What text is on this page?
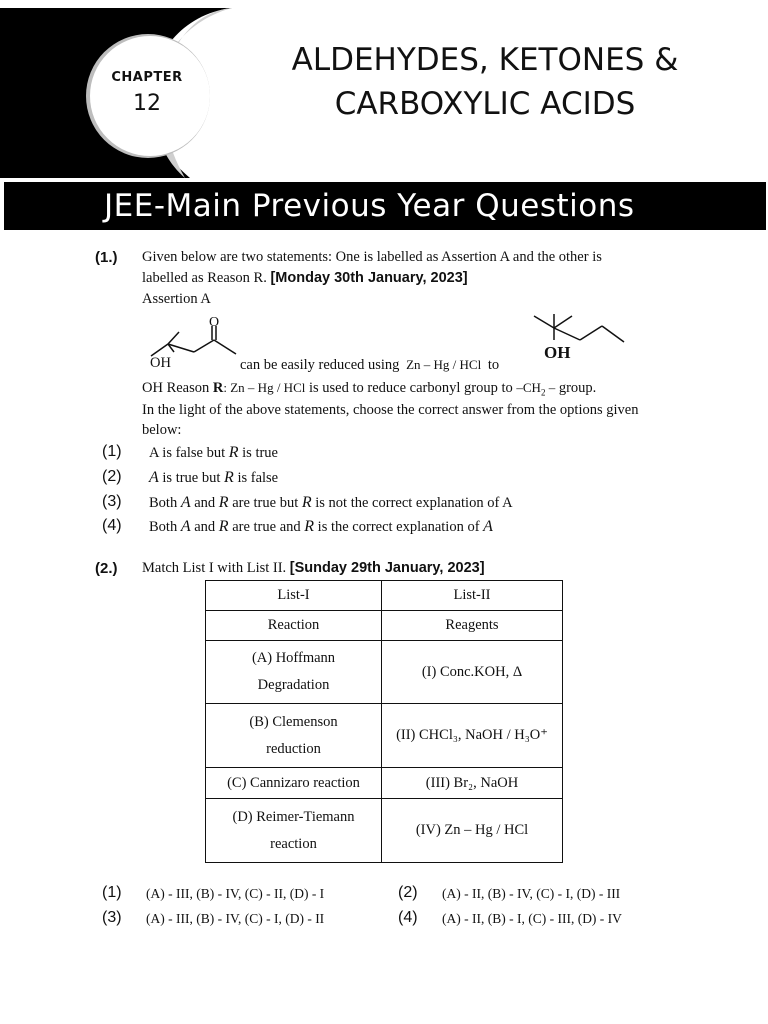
CHAPTER
12
ALDEHYDES, KETONES &
CARBOXYLIC ACIDS
JEE-Main Previous Year Questions
(1.) Given below are two statements: One is labelled as Assertion A and the other is
labelled as Reason R. [Monday 30th January, 2023]
Assertion A
O
OH	can be easily reduced using Zn – Hg / HCl to
OH
OH Reason R: Zn – Hg / HCl is used to reduce carbonyl group to $-CH_2$ – group.
In the light of the above statements, choose the correct answer from the options given
below:
(1) A is false but R is true
(2) A is true but R is false
(3) Both A and R are true but R is not the correct explanation of A
(4) Both A and R are true and R is the correct explanation of A
(2.) Match List I with List II. [Sunday 29th January, 2023]
List-I	List-II
Reaction	Reagents

(A) Hoffmann
Degradation	(I) Conc.KOH, Δ

(B) Clemenson
reduction	(II) CHCl₃, NaOH / H₃O⁺
(C) Cannizaro reaction	(III) Br₂, NaOH

(D) Reimer-Tiemann
reaction	(IV) Zn – Hg / HCl
(1) (A) - III, (B) - IV, (C) - II, (D) - I	(2) (A) - II, (B) - IV, (C) - I, (D) - III
(3) (A) - III, (B) - IV, (C) - I, (D) - II	(4) (A) - II, (B) - I, (C) - III, (D) - IV
